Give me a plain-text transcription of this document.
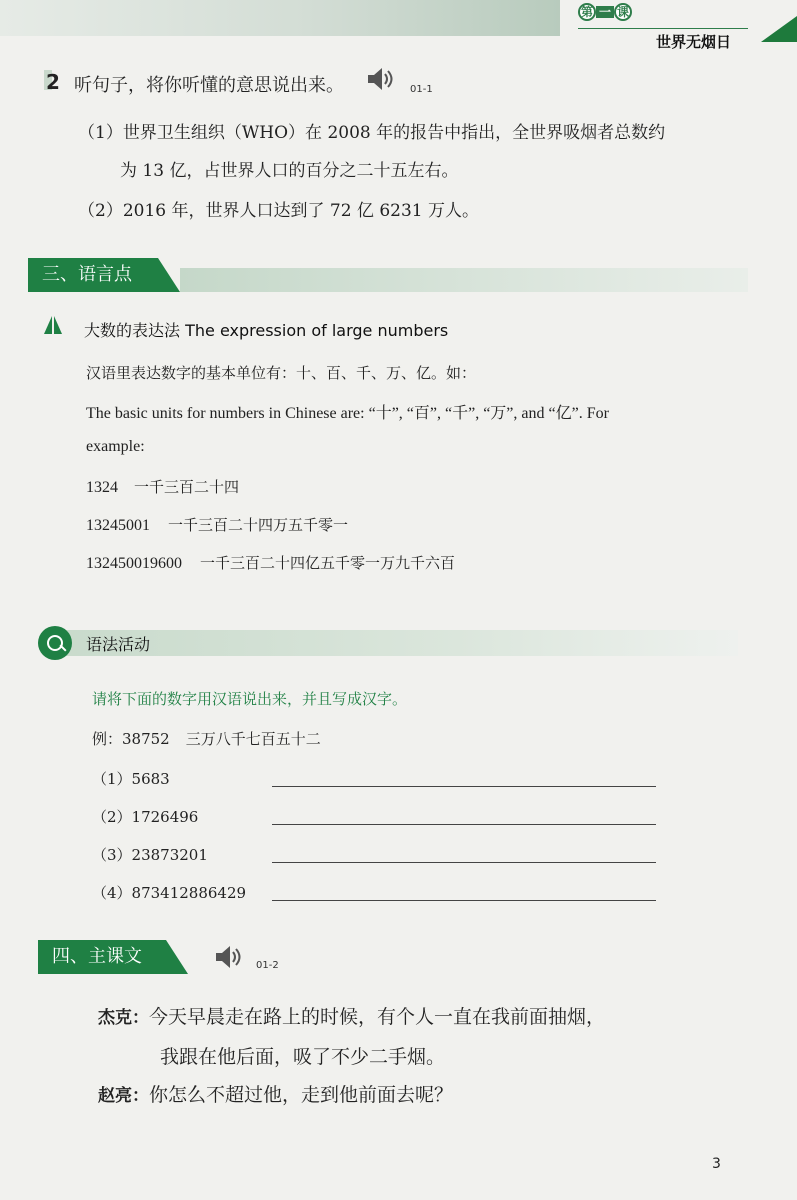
第 一 课
世界无烟日
2 听句子，将你听懂的意思说出来。	01-1
（1）世界卫生组织（WHO）在 2008 年的报告中指出，全世界吸烟者总数约
为 13 亿，占世界人口的百分之二十五左右。
（2）2016 年，世界人口达到了 72 亿 6231 万人。
三、语言点
大数的表达法 The expression of large numbers
汉语里表达数字的基本单位有：十、百、千、万、亿。如：
The basic units for numbers in Chinese are: “十”, “百”, “千”, “万”, and “亿”. For
example:
1324 一千三百二十四
13245001 一千三百二十四万五千零一
132450019600 一千三百二十四亿五千零一万九千六百
语法活动
请将下面的数字用汉语说出来，并且写成汉字。
例：38752 三万八千七百五十二
（1）5683
（2）1726496
（3）23873201
（4）873412886429
四、主课文	01-2
杰克：今天早晨走在路上的时候，有个人一直在我前面抽烟，
我跟在他后面，吸了不少二手烟。
赵亮：你怎么不超过他，走到他前面去呢？
3
